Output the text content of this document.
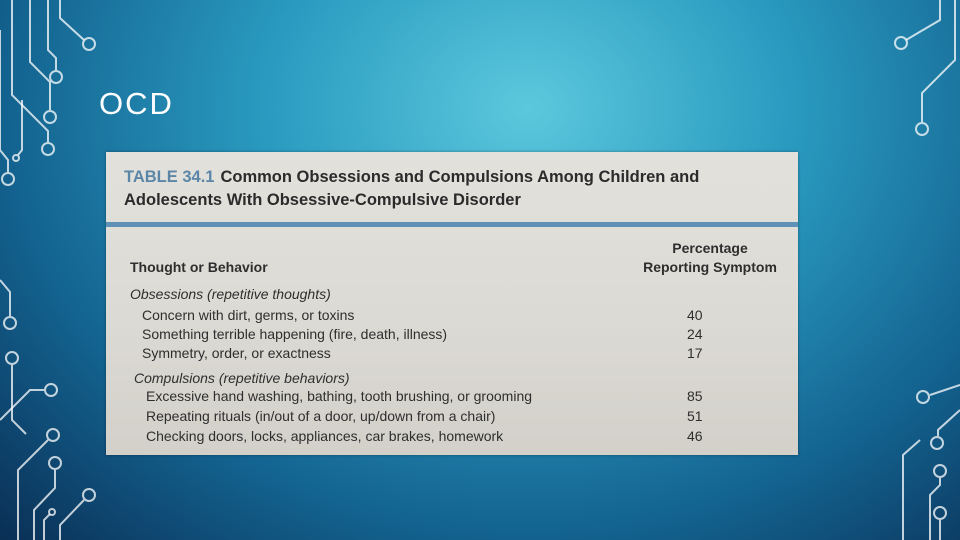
OCD
TABLE 34.1 Common Obsessions and Compulsions Among Children and Adolescents With Obsessive-Compulsive Disorder
Percentage
Reporting Symptom
Thought or Behavior
Obsessions (repetitive thoughts)
Concern with dirt, germs, or toxins	40
Something terrible happening (fire, death, illness)	24
Symmetry, order, or exactness	17
Compulsions (repetitive behaviors)
Excessive hand washing, bathing, tooth brushing, or grooming	85
Repeating rituals (in/out of a door, up/down from a chair)	51
Checking doors, locks, appliances, car brakes, homework	46
